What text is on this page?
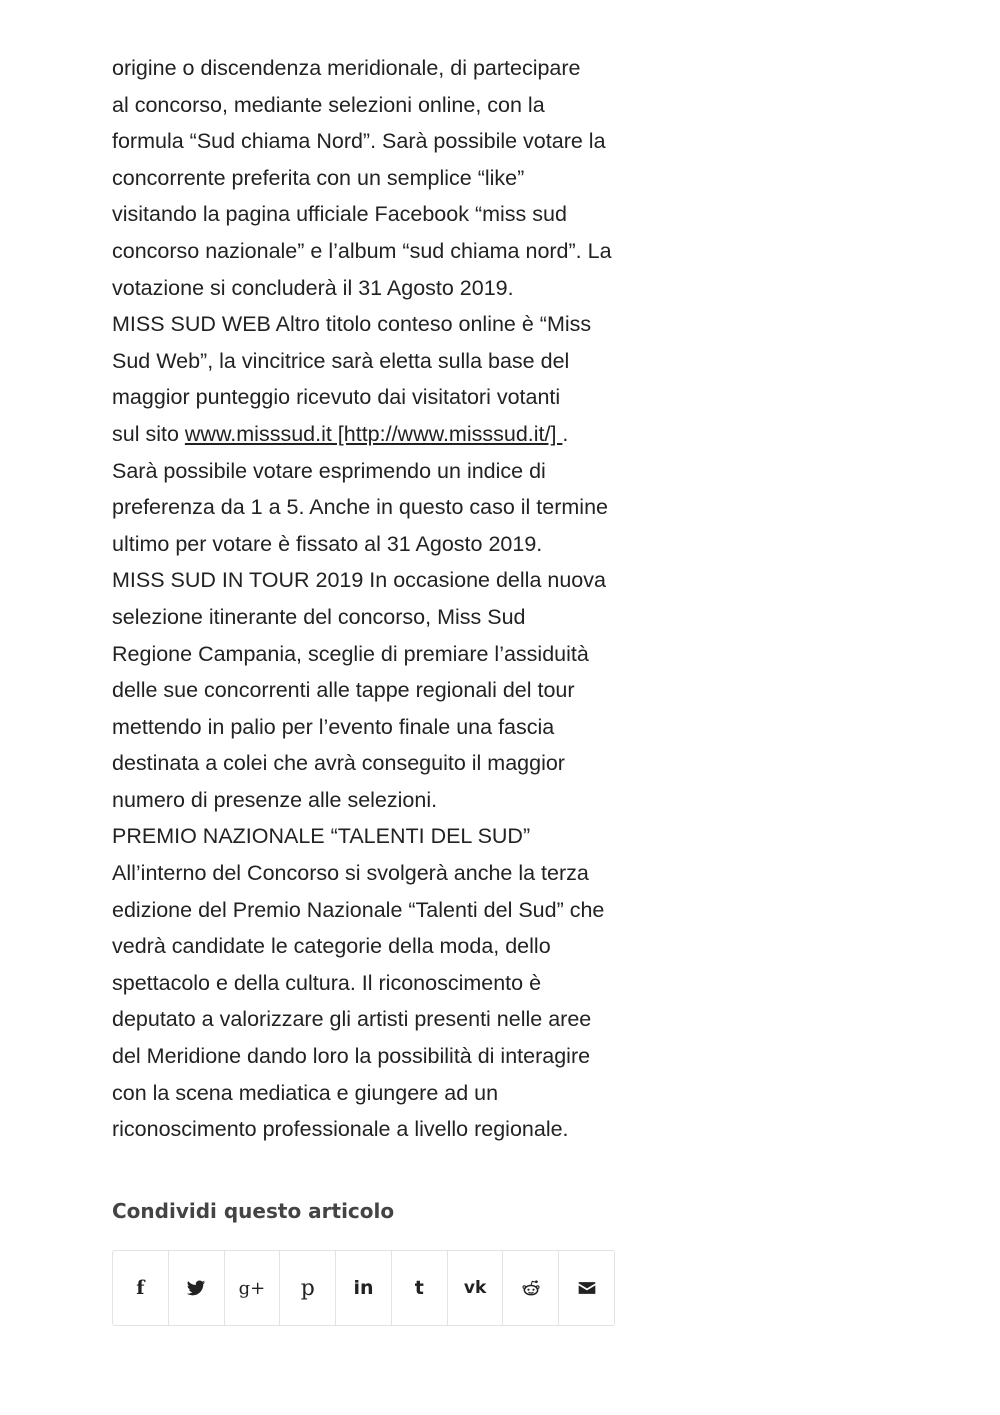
origine o discendenza meridionale, di partecipare
al concorso, mediante selezioni online, con la
formula “Sud chiama Nord”. Sarà possibile votare la
concorrente preferita con un semplice “like”
visitando la pagina ufficiale Facebook “miss sud
concorso nazionale” e l’album “sud chiama nord”. La
votazione si concluderà il 31 Agosto 2019.

MISS SUD WEB Altro titolo conteso online è “Miss
Sud Web”, la vincitrice sarà eletta sulla base del
maggior punteggio ricevuto dai visitatori votanti
sul sito www.misssud.it [http://www.misssud.it/] .
Sarà possibile votare esprimendo un indice di
preferenza da 1 a 5. Anche in questo caso il termine
ultimo per votare è fissato al 31 Agosto 2019.

MISS SUD IN TOUR 2019 In occasione della nuova
selezione itinerante del concorso, Miss Sud
Regione Campania, sceglie di premiare l’assiduità
delle sue concorrenti alle tappe regionali del tour
mettendo in palio per l’evento finale una fascia
destinata a colei che avrà conseguito il maggior
numero di presenze alle selezioni.

PREMIO NAZIONALE “TALENTI DEL SUD”
All’interno del Concorso si svolgerà anche la terza
edizione del Premio Nazionale “Talenti del Sud” che
vedrà candidate le categorie della moda, dello
spettacolo e della cultura. Il riconoscimento è
deputato a valorizzare gli artisti presenti nelle aree
del Meridione dando loro la possibilità di interagire
con la scena mediatica e giungere ad un
riconoscimento professionale a livello regionale.

Condividi questo articolo
f	g+ p in t vk
